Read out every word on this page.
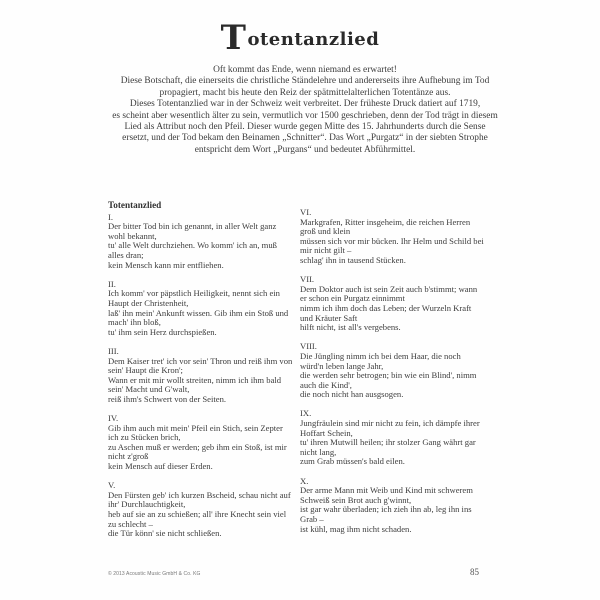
Totentanzlied
Oft kommt das Ende, wenn niemand es erwartet!
Diese Botschaft, die einerseits die christliche Ständelehre und andererseits ihre Aufhebung im Tod
propagiert, macht bis heute den Reiz der spätmittelalterlichen Totentänze aus.
Dieses Totentanzlied war in der Schweiz weit verbreitet. Der früheste Druck datiert auf 1719,
es scheint aber wesentlich älter zu sein, vermutlich vor 1500 geschrieben, denn der Tod trägt in diesem
Lied als Attribut noch den Pfeil. Dieser wurde gegen Mitte des 15. Jahrhunderts durch die Sense
ersetzt, und der Tod bekam den Beinamen „Schnitter“. Das Wort „Purgatz“ in der siebten Strophe
entspricht dem Wort „Purgans“ und bedeutet Abführmittel.
Totentanzlied
I.
Der bitter Tod bin ich genannt, in aller Welt ganz
wohl bekannt,
tu' alle Welt durchziehen. Wo komm' ich an, muß
alles dran;
kein Mensch kann mir entfliehen.
II.
Ich komm' vor päpstlich Heiligkeit, nennt sich ein
Haupt der Christenheit,
laß' ihn mein' Ankunft wissen. Gib ihm ein Stoß und
mach' ihn bloß,
tu' ihm sein Herz durchspießen.
III.
Dem Kaiser tret' ich vor sein' Thron und reiß ihm von
sein' Haupt die Kron';
Wann er mit mir wollt streiten, nimm ich ihm bald
sein' Macht und G'walt,
reiß ihm's Schwert von der Seiten.
IV.
Gib ihm auch mit mein' Pfeil ein Stich, sein Zepter
ich zu Stücken brich,
zu Aschen muß er werden; geb ihm ein Stoß, ist mir
nicht z'groß
kein Mensch auf dieser Erden.
V.
Den Fürsten geb' ich kurzen Bscheid, schau nicht auf
ihr' Durchlauchtigkeit,
heb auf sie an zu schießen; all' ihre Knecht sein viel
zu schlecht –
die Tür könn' sie nicht schließen.
VI.
Markgrafen, Ritter insgeheim, die reichen Herren
groß und klein
müssen sich vor mir bücken. Ihr Helm und Schild bei
mir nicht gilt –
schlag' ihn in tausend Stücken.
VII.
Dem Doktor auch ist sein Zeit auch b'stimmt; wann
er schon ein Purgatz einnimmt
nimm ich ihm doch das Leben; der Wurzeln Kraft
und Kräuter Saft
hilft nicht, ist all's vergebens.
VIII.
Die Jüngling nimm ich bei dem Haar, die noch
würd'n leben lange Jahr,
die werden sehr betrogen; bin wie ein Blind', nimm
auch die Kind',
die noch nicht han ausgsogen.
IX.
Jungfräulein sind mir nicht zu fein, ich dämpfe ihrer
Hoffart Schein,
tu' ihren Mutwill heilen; ihr stolzer Gang währt gar
nicht lang,
zum Grab müssen's bald eilen.
X.
Der arme Mann mit Weib und Kind mit schwerem
Schweiß sein Brot auch g'winnt,
ist gar wahr überladen; ich zieh ihn ab, leg ihn ins
Grab –
ist kühl, mag ihm nicht schaden.
© 2013 Acoustic Music GmbH & Co. KG	85
